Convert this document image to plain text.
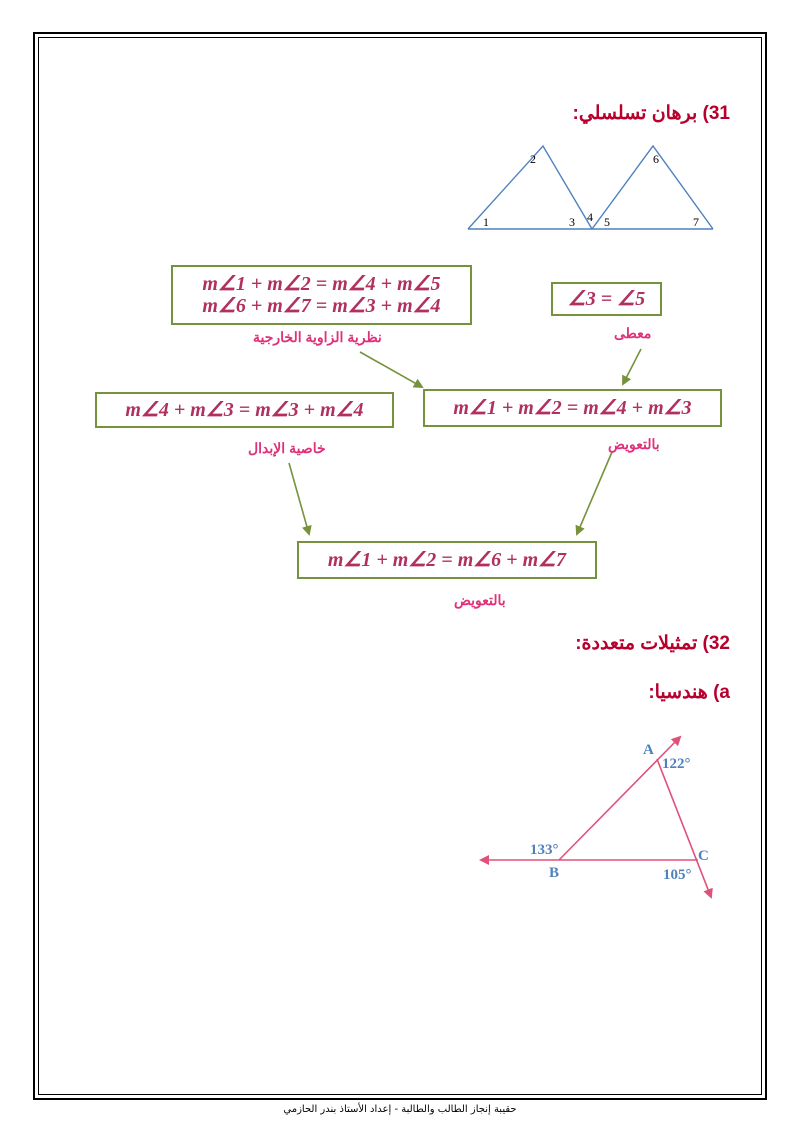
31) برهان تسلسلي:
1
2
3 4 5
6
7
A
B
C
122°
133°
105°
m∠1 + m∠2 = m∠4 + m∠5
m∠6 + m∠7 = m∠3 + m∠4
نظرية الزاوية الخارجية
∠3 = ∠5
معطى
m∠4 + m∠3 = m∠3 + m∠4
خاصية الإبدال
m∠1 + m∠2 = m∠4 + m∠3
بالتعويض
m∠1 + m∠2 = m∠6 + m∠7
بالتعويض
32) تمثيلات متعددة:
a) هندسيا:
حقيبة إنجاز الطالب والطالبة - إعداد الأستاذ بندر الحازمي
